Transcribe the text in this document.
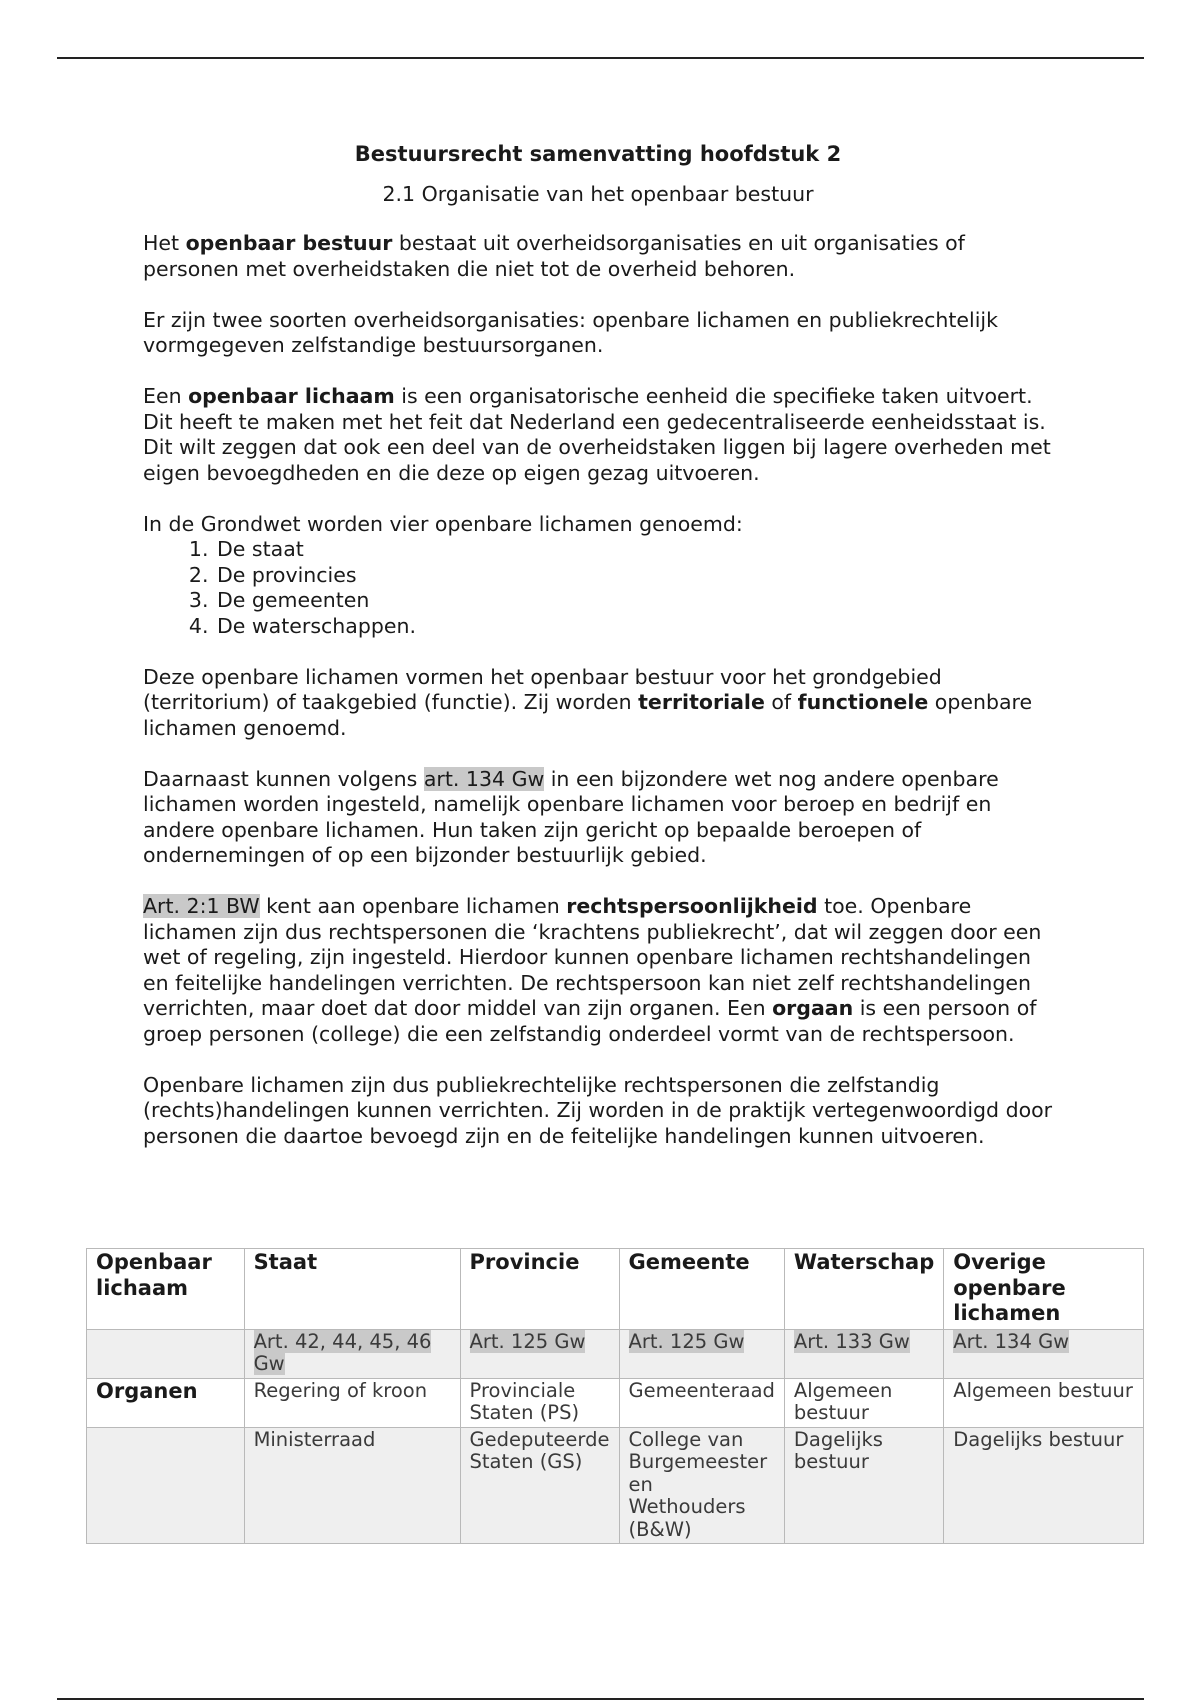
Bestuursrecht samenvatting hoofdstuk 2
2.1 Organisatie van het openbaar bestuur

Het openbaar bestuur bestaat uit overheidsorganisaties en uit organisaties of personen met overheidstaken die niet tot de overheid behoren.

Er zijn twee soorten overheidsorganisaties: openbare lichamen en publiekrechtelijk vormgegeven zelfstandige bestuursorganen.

Een openbaar lichaam is een organisatorische eenheid die specifieke taken uitvoert. Dit heeft te maken met het feit dat Nederland een gedecentraliseerde eenheidsstaat is. Dit wilt zeggen dat ook een deel van de overheidstaken liggen bij lagere overheden met eigen bevoegdheden en die deze op eigen gezag uitvoeren.

In de Grondwet worden vier openbare lichamen genoemd:

1. De staat
2. De provincies
3. De gemeenten
4. De waterschappen.

Deze openbare lichamen vormen het openbaar bestuur voor het grondgebied (territorium) of taakgebied (functie). Zij worden territoriale of functionele openbare lichamen genoemd.

Daarnaast kunnen volgens art. 134 Gw in een bijzondere wet nog andere openbare lichamen worden ingesteld, namelijk openbare lichamen voor beroep en bedrijf en andere openbare lichamen. Hun taken zijn gericht op bepaalde beroepen of ondernemingen of op een bijzonder bestuurlijk gebied.

Art. 2:1 BW kent aan openbare lichamen rechtspersoonlijkheid toe. Openbare lichamen zijn dus rechtspersonen die ‘krachtens publiekrecht’, dat wil zeggen door een wet of regeling, zijn ingesteld. Hierdoor kunnen openbare lichamen rechtshandelingen en feitelijke handelingen verrichten. De rechtspersoon kan niet zelf rechtshandelingen verrichten, maar doet dat door middel van zijn organen. Een orgaan is een persoon of groep personen (college) die een zelfstandig onderdeel vormt van de rechtspersoon.

Openbare lichamen zijn dus publiekrechtelijke rechtspersonen die zelfstandig (rechts)handelingen kunnen verrichten. Zij worden in de praktijk vertegenwoordigd door personen die daartoe bevoegd zijn en de feitelijke handelingen kunnen uitvoeren.

Openbaar lichaam	Staat	Provincie	Gemeente	Waterschap	Overige openbare lichamen
	Art. 42, 44, 45, 46 Gw	Art. 125 Gw	Art. 125 Gw	Art. 133 Gw	Art. 134 Gw
Organen	Regering of kroon	Provinciale Staten (PS)	Gemeenteraad	Algemeen bestuur	Algemeen bestuur
	Ministerraad	Gedeputeerde Staten (GS)	College van Burgemeester en Wethouders (B&W)	Dagelijks bestuur	Dagelijks bestuur
